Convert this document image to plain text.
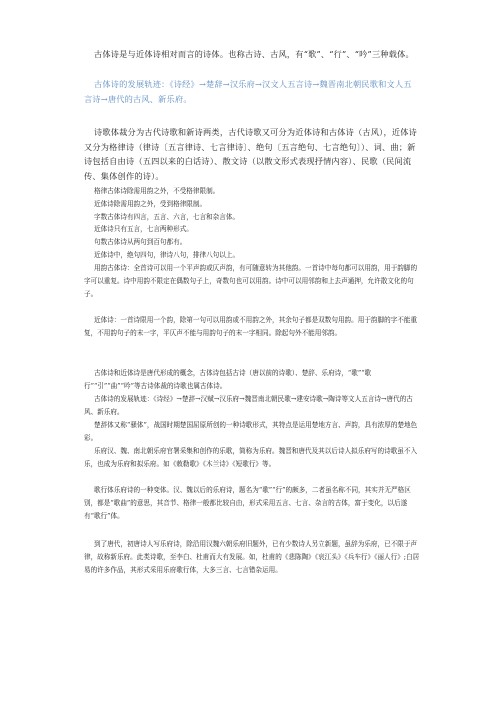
古体诗是与近体诗相对而言的诗体。也称古诗、古风，有“歌”、“行”、“吟”三种载体。

古体诗的发展轨迹：《诗经》→楚辞→汉乐府→汉文人五言诗→魏晋南北朝民歌和文人五言诗→唐代的古风、新乐府。

诗歌体裁分为古代诗歌和新诗两类，古代诗歌又可分为近体诗和古体诗（古风），近体诗又分为格律诗（律诗〔五言律诗、七言律诗〕、绝句〔五言绝句、七言绝句〕）、词、曲；新诗包括自由诗（五四以来的白话诗）、散文诗（以散文形式表现抒情内容）、民歌（民间流传、集体创作的诗）。

格律古体诗除需用韵之外，不受格律限制。
近体诗除需用韵之外，受到格律限制。
字数古体诗有四言，五言、六言，七言和杂言体。
近体诗只有五言，七言两种形式。
句数古体诗从两句到百句都有。
近体诗中，绝句四句，律诗八句，排律八句以上。

用韵古体诗：全首诗可以用一个平声韵或仄声韵，有可随意转为其他韵。一首诗中每句都可以用韵，用于韵脚的字可以重复。诗中用韵不限定在偶数句子上，奇数句也可以用韵。诗中可以用邻韵和上去声通押，允许散文化的句子。

近体诗：一首诗限用一个韵，除第一句可以用韵或不用韵之外，其余句子都是双数句用韵。用于韵脚的字不能重复，不用韵句子的末一字，平仄声不能与用韵句子的末一字相同。除起句外不能用邻韵。

古体诗和近体诗是唐代形成的概念，古体诗包括古诗（唐以前的诗歌）、楚辞、乐府诗，“歌”“歌行”“引”“曲”“吟”等古诗体裁的诗歌也属古体诗。

古体诗的发展轨迹：《诗经》→楚辞→汉赋→汉乐府→魏晋南北朝民歌→建安诗歌→陶诗等文人五言诗→唐代的古风、新乐府。

楚辞体又称“骚体”，战国时期楚国屈原所创的一种诗歌形式，其特点是运用楚地方言、声韵，具有浓厚的楚地色彩。

乐府汉、魏、南北朝乐府官署采集和创作的乐歌，简称为乐府。魏晋和唐代及其以后诗人拟乐府写的诗歌虽不入乐，也成为乐府和拟乐府。如《敕勒歌》《木兰诗》《短歌行》等。

歌行体乐府诗的一种变体。汉、魏以后的乐府诗，题名为“歌”“行”的颇多，二者虽名称不同，其实并无严格区别，都是“歌曲”的意思，其音节、格律一般都比较自由，形式采用五言、七言、杂言的古体，富于变化，以后遂有“歌行”体。

到了唐代，初唐诗人写乐府诗，除沿用汉魏六朝乐府旧题外，已有少数诗人另立新题，虽辞为乐府，已不限于声律，故称新乐府。此类诗歌，至李白、杜甫而大有发展。如，杜甫的《悲陈陶》《哀江头》《兵车行》《丽人行》;白居易的许多作品，其形式采用乐府歌行体，大多三言、七言错杂运用。
